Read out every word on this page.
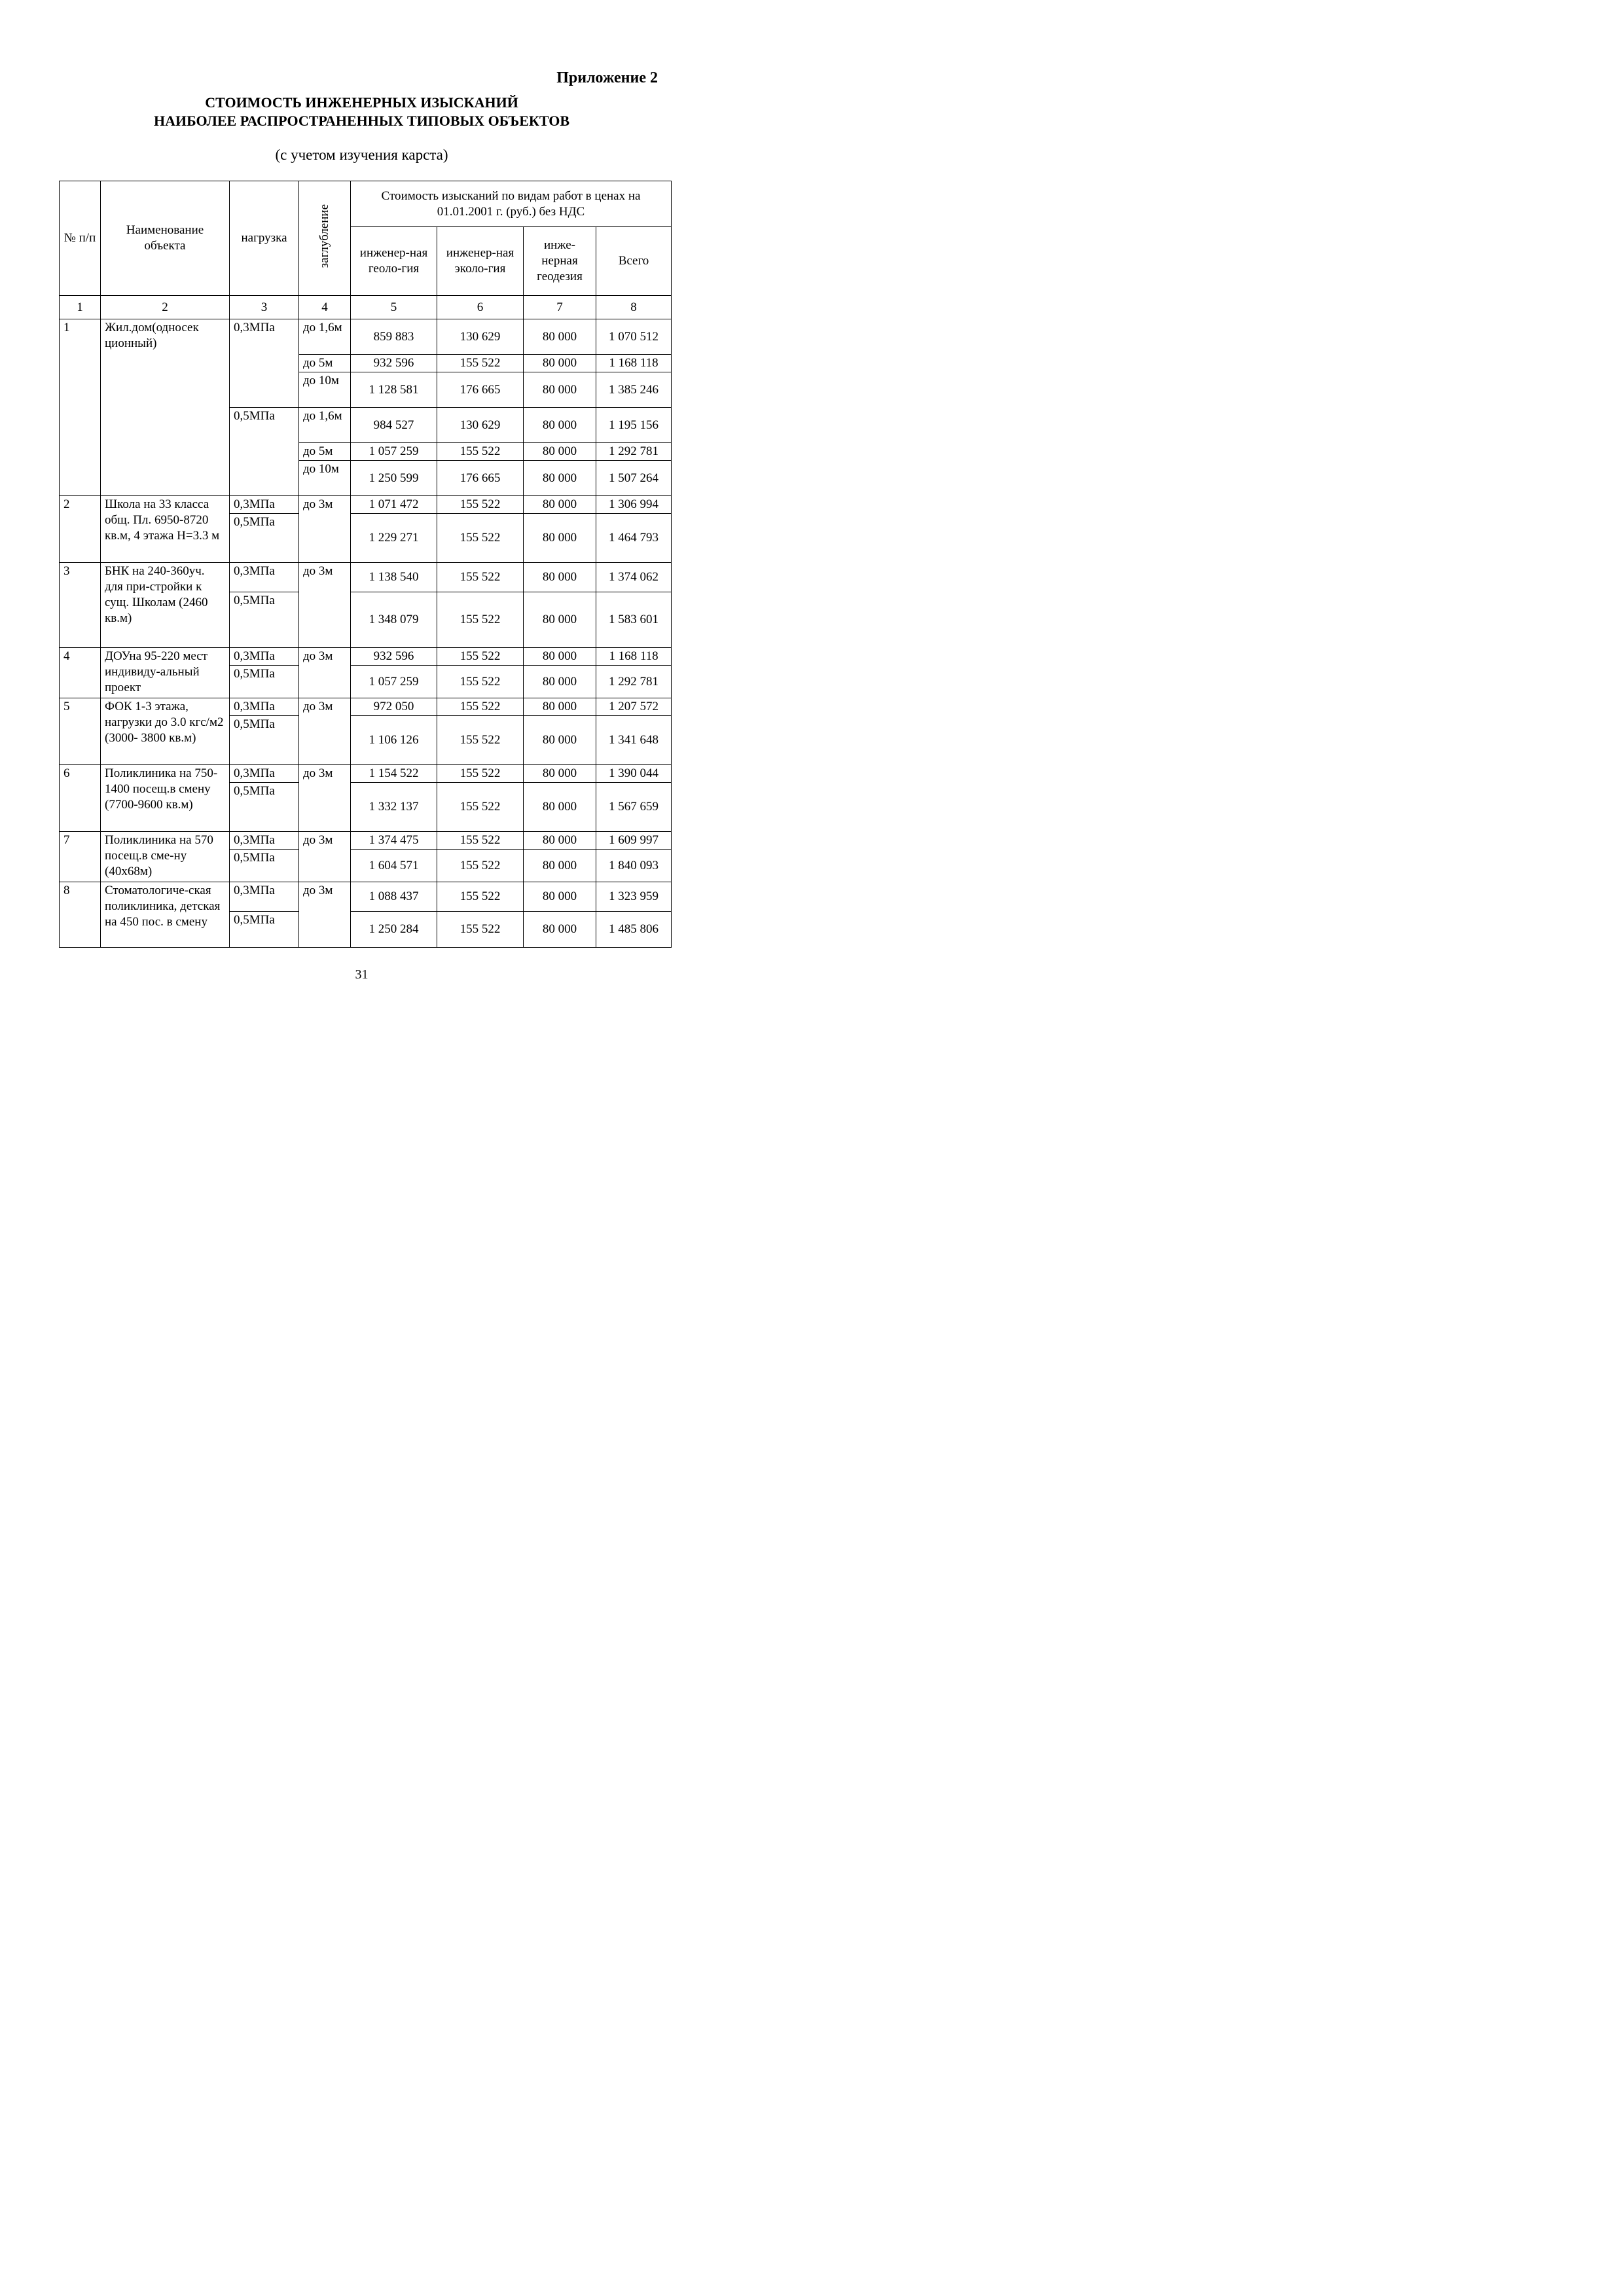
Приложение 2
СТОИМОСТЬ ИНЖЕНЕРНЫХ ИЗЫСКАНИЙ
НАИБОЛЕЕ РАСПРОСТРАНЕННЫХ ТИПОВЫХ ОБЪЕКТОВ
(с учетом изучения карста)
№ п/п	Наименование объекта	нагрузка	заглубление	Стоимость изысканий по видам работ в ценах на 01.01.2001 г. (руб.) без НДС			
				инженер-ная геоло-гия	инженер-ная эколо-гия	инже-нерная геодезия	Всего
1	2	3	4	5	6	7	8
1	Жил.дом(односек ционный)	0,3МПа	до 1,6м	859 883	130 629	80 000	1 070 512
			до 5м	932 596	155 522	80 000	1 168 118
			до 10м	1 128 581	176 665	80 000	1 385 246
		0,5МПа	до 1,6м	984 527	130 629	80 000	1 195 156
			до 5м	1 057 259	155 522	80 000	1 292 781
			до 10м	1 250 599	176 665	80 000	1 507 264
2	Школа на 33 класса общ. Пл. 6950-8720 кв.м, 4 этажа Н=3.3 м	0,3МПа	до 3м	1 071 472	155 522	80 000	1 306 994
		0,5МПа		1 229 271	155 522	80 000	1 464 793
3	БНК на 240-360уч. для при-стройки к сущ. Школам (2460 кв.м)	0,3МПа	до 3м	1 138 540	155 522	80 000	1 374 062
		0,5МПа		1 348 079	155 522	80 000	1 583 601
4	ДОУна 95-220 мест индивиду-альный проект	0,3МПа	до 3м	932 596	155 522	80 000	1 168 118
		0,5МПа		1 057 259	155 522	80 000	1 292 781
5	ФОК 1-3 этажа, нагрузки до 3.0 кгс/м2 (3000- 3800 кв.м)	0,3МПа	до 3м	972 050	155 522	80 000	1 207 572
		0,5МПа		1 106 126	155 522	80 000	1 341 648
6	Поликлиника на 750-1400 посещ.в смену (7700-9600 кв.м)	0,3МПа	до 3м	1 154 522	155 522	80 000	1 390 044
		0,5МПа		1 332 137	155 522	80 000	1 567 659
7	Поликлиника на 570 посещ.в сме-ну (40х68м)	0,3МПа	до 3м	1 374 475	155 522	80 000	1 609 997
		0,5МПа		1 604 571	155 522	80 000	1 840 093
8	Стоматологиче-ская поликлиника, детская на 450 пос. в смену	0,3МПа	до 3м	1 088 437	155 522	80 000	1 323 959
		0,5МПа		1 250 284	155 522	80 000	1 485 806
31
